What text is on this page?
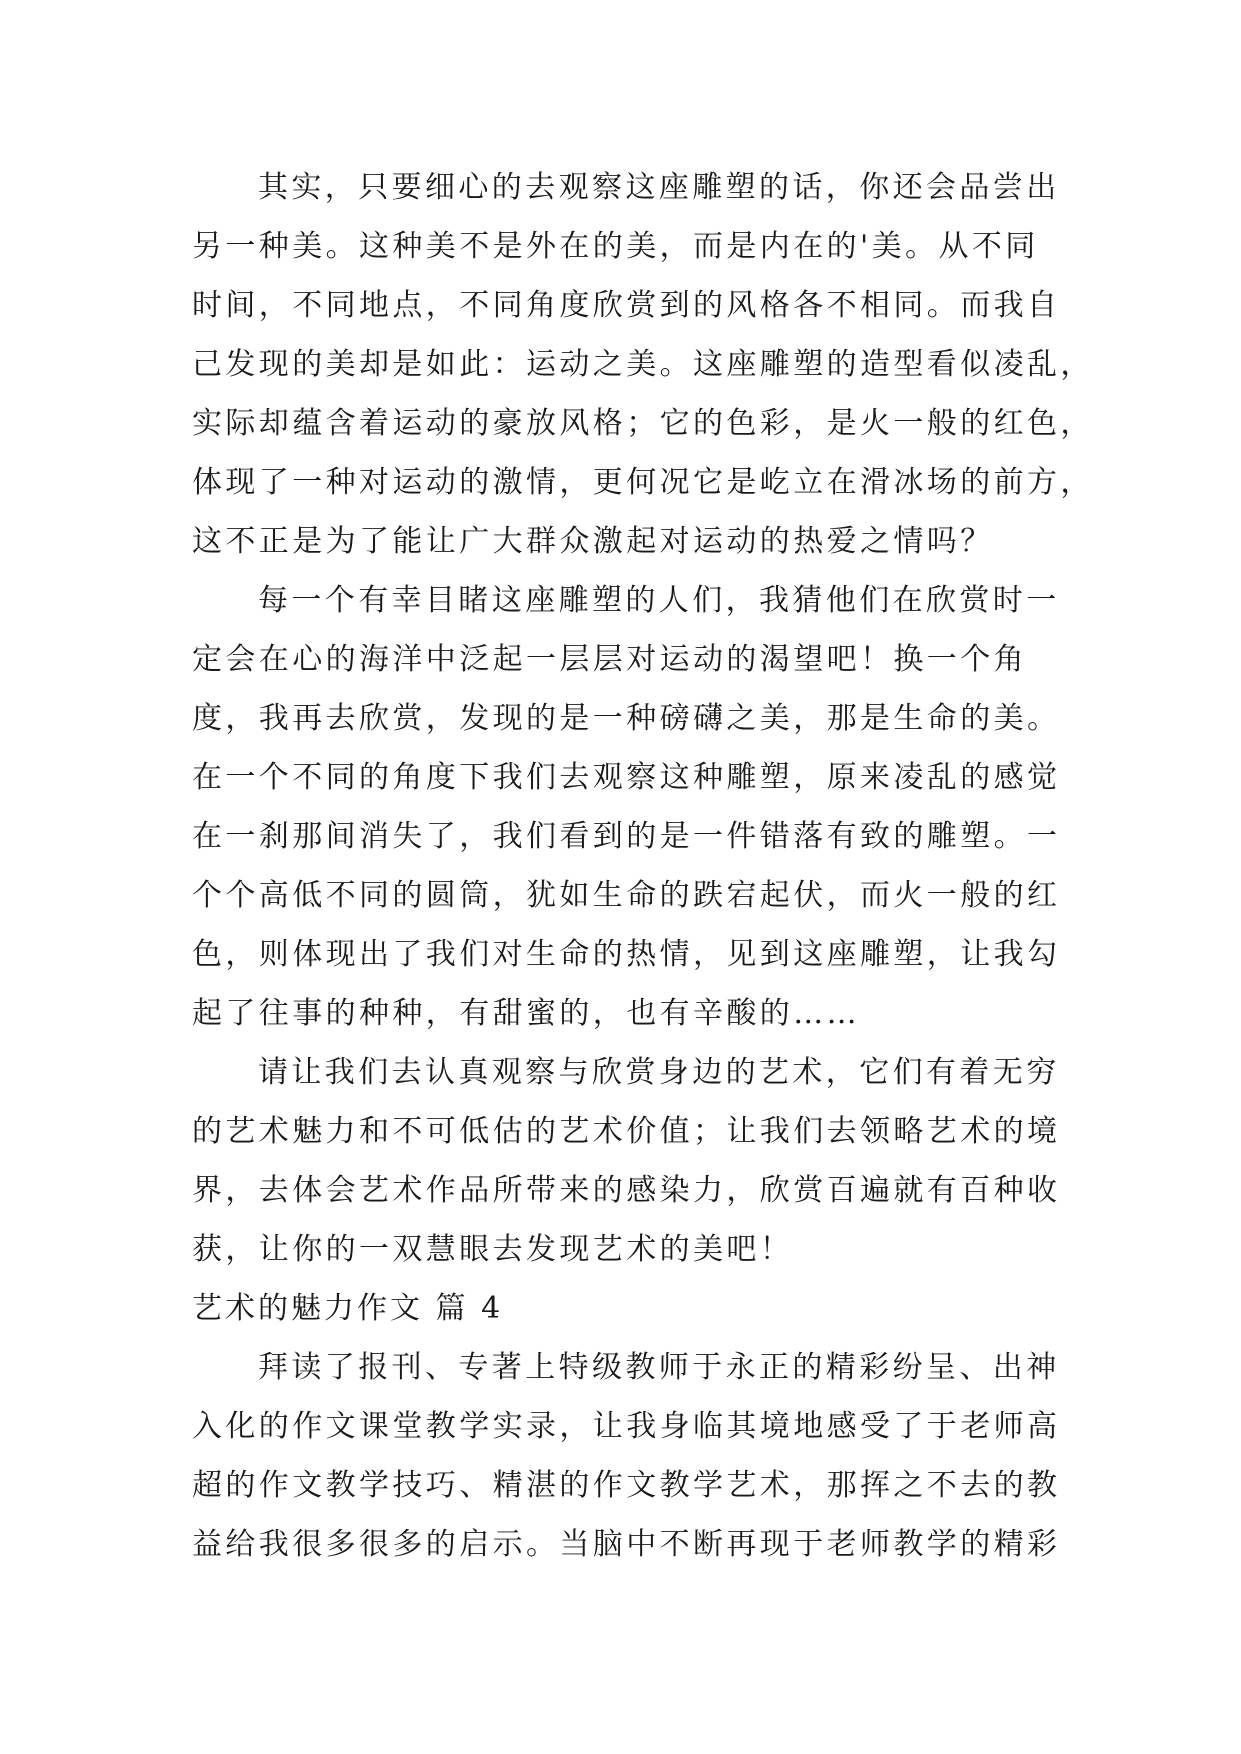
其实，只要细心的去观察这座雕塑的话，你还会品尝出
另一种美。这种美不是外在的美，而是内在的'美。从不同
时间，不同地点，不同角度欣赏到的风格各不相同。而我自
己发现的美却是如此：运动之美。这座雕塑的造型看似凌乱，
实际却蕴含着运动的豪放风格；它的色彩，是火一般的红色，
体现了一种对运动的激情，更何况它是屹立在滑冰场的前方，
这不正是为了能让广大群众激起对运动的热爱之情吗？
每一个有幸目睹这座雕塑的人们，我猜他们在欣赏时一
定会在心的海洋中泛起一层层对运动的渴望吧！换一个角
度，我再去欣赏，发现的是一种磅礴之美，那是生命的美。
在一个不同的角度下我们去观察这种雕塑，原来凌乱的感觉
在一刹那间消失了，我们看到的是一件错落有致的雕塑。一
个个高低不同的圆筒，犹如生命的跌宕起伏，而火一般的红
色，则体现出了我们对生命的热情，见到这座雕塑，让我勾
起了往事的种种，有甜蜜的，也有辛酸的……
请让我们去认真观察与欣赏身边的艺术，它们有着无穷
的艺术魅力和不可低估的艺术价值；让我们去领略艺术的境
界，去体会艺术作品所带来的感染力，欣赏百遍就有百种收
获，让你的一双慧眼去发现艺术的美吧！
艺术的魅力作文 篇 4
拜读了报刊、专著上特级教师于永正的精彩纷呈、出神
入化的作文课堂教学实录，让我身临其境地感受了于老师高
超的作文教学技巧、精湛的作文教学艺术，那挥之不去的教
益给我很多很多的启示。当脑中不断再现于老师教学的精彩
